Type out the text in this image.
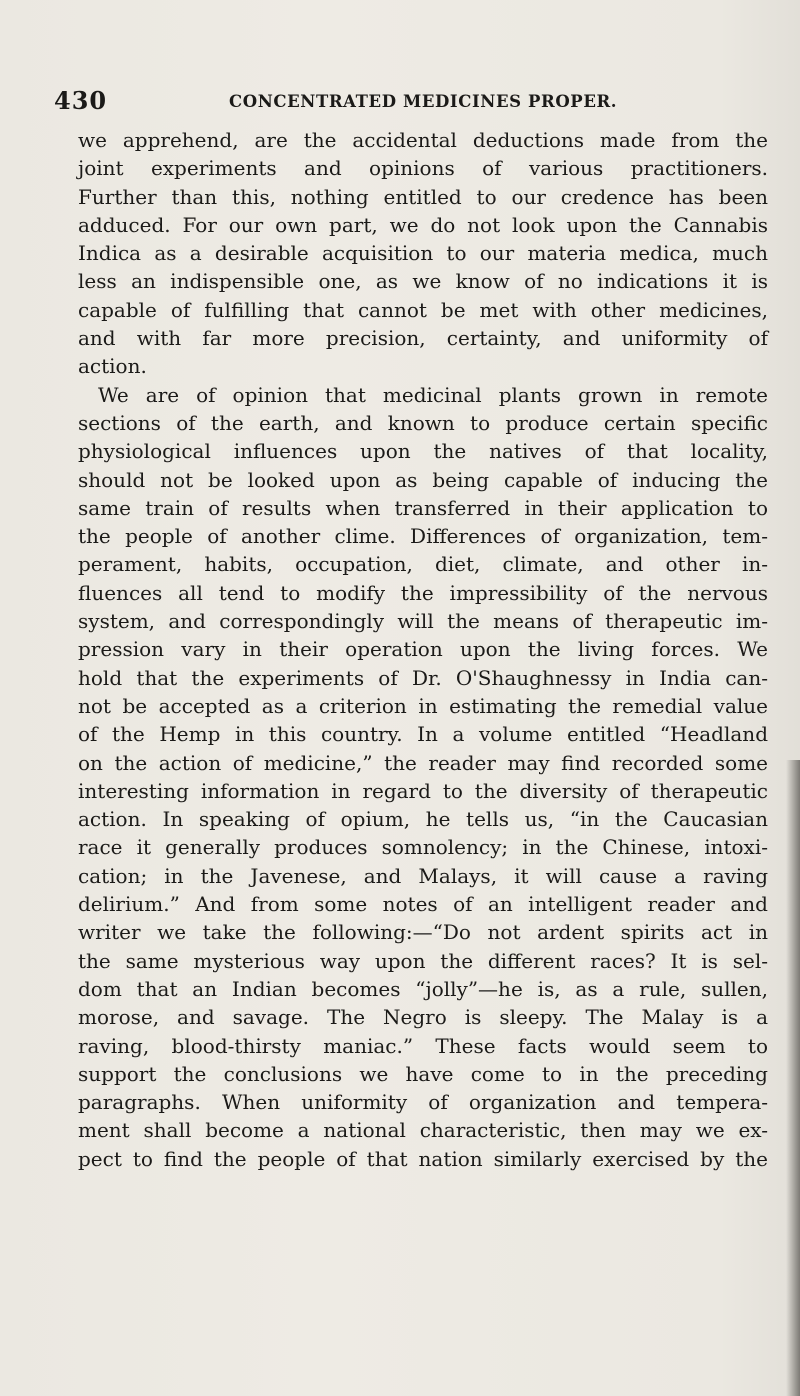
430	CONCENTRATED MEDICINES PROPER.
we apprehend, are the accidental deductions made from the
joint experiments and opinions of various practitioners.
Further than this, nothing entitled to our credence has been
adduced. For our own part, we do not look upon the Cannabis
Indica as a desirable acquisition to our materia medica, much
less an indispensible one, as we know of no indications it is
capable of fulfilling that cannot be met with other medicines,
and with far more precision, certainty, and uniformity of
action.
We are of opinion that medicinal plants grown in remote
sections of the earth, and known to produce certain specific
physiological influences upon the natives of that locality,
should not be looked upon as being capable of inducing the
same train of results when transferred in their application to
the people of another clime. Differences of organization, tem-
perament, habits, occupation, diet, climate, and other in-
fluences all tend to modify the impressibility of the nervous
system, and correspondingly will the means of therapeutic im-
pression vary in their operation upon the living forces. We
hold that the experiments of Dr. O'Shaughnessy in India can-
not be accepted as a criterion in estimating the remedial value
of the Hemp in this country. In a volume entitled “Headland
on the action of medicine,” the reader may find recorded some
interesting information in regard to the diversity of therapeutic
action. In speaking of opium, he tells us, “in the Caucasian
race it generally produces somnolency; in the Chinese, intoxi-
cation; in the Javenese, and Malays, it will cause a raving
delirium.” And from some notes of an intelligent reader and
writer we take the following:—“Do not ardent spirits act in
the same mysterious way upon the different races? It is sel-
dom that an Indian becomes “jolly”—he is, as a rule, sullen,
morose, and savage. The Negro is sleepy. The Malay is a
raving, blood-thirsty maniac.” These facts would seem to
support the conclusions we have come to in the preceding
paragraphs. When uniformity of organization and tempera-
ment shall become a national characteristic, then may we ex-
pect to find the people of that nation similarly exercised by the
